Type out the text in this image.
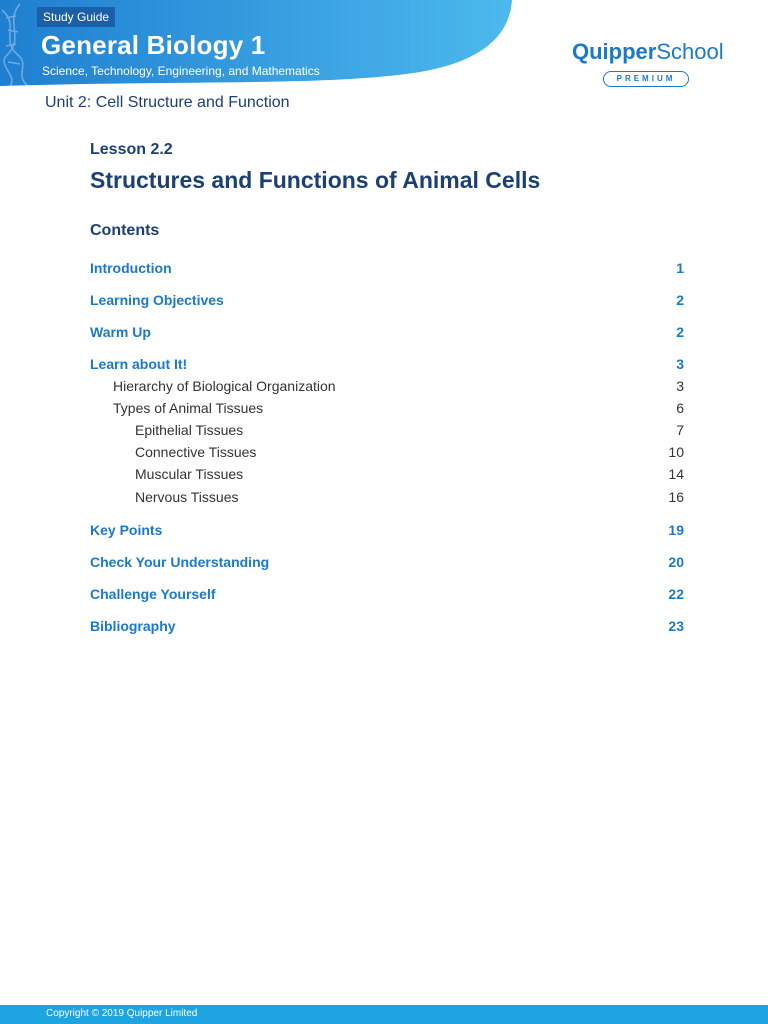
Study Guide
General Biology 1
Science, Technology, Engineering, and Mathematics
QuipperSchool
PREMIUM
Unit 2: Cell Structure and Function
Lesson 2.2
Structures and Functions of Animal Cells
Contents
Introduction	1
Learning Objectives	2
Warm Up	2
Learn about It!	3
Hierarchy of Biological Organization	3
Types of Animal Tissues	6
Epithelial Tissues	7
Connective Tissues	10
Muscular Tissues	14
Nervous Tissues	16
Key Points	19
Check Your Understanding	20
Challenge Yourself	22
Bibliography	23
Copyright © 2019 Quipper Limited
